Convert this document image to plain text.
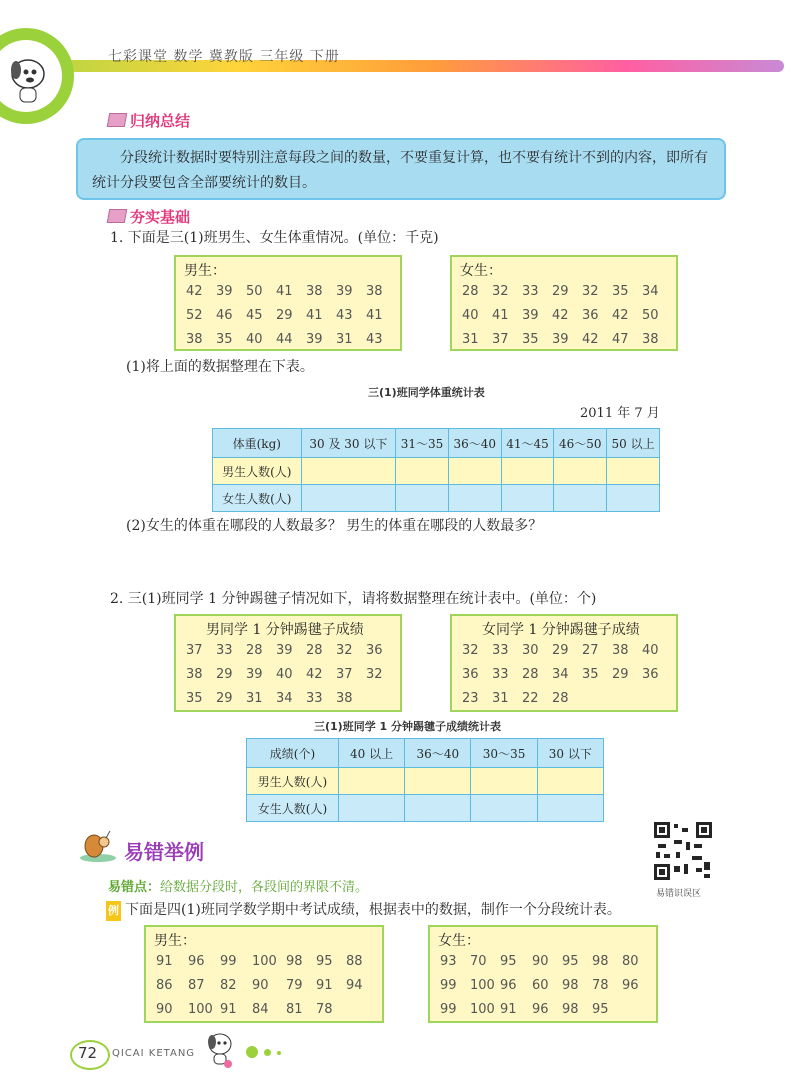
七彩课堂 数学 冀教版 三年级 下册
归纳总结

分段统计数据时要特别注意每段之间的数量，不要重复计算，也不要有统计不到的内容，即所有统计分段要包含全部要统计的数目。

夯实基础
1. 下面是三(1)班男生、女生体重情况。(单位：千克)
男生：
42	39	50	41	38	39	38
52	46	45	29	41	43	41
38	35	40	44	39	31	43
女生：
28	32	33	29	32	35	34
40	41	39	42	36	42	50
31	37	35	39	42	47	38
(1)将上面的数据整理在下表。
三(1)班同学体重统计表
2011 年 7 月
体重(kg)	30 及 30 以下	31～35	36～40	41～45	46～50	50 以上
男生人数(人)						
女生人数(人)						
(2)女生的体重在哪段的人数最多？ 男生的体重在哪段的人数最多？
2. 三(1)班同学 1 分钟踢毽子情况如下，请将数据整理在统计表中。(单位：个)
男同学 1 分钟踢毽子成绩
37	33	28	39	28	32	36
38	29	39	40	42	37	32
35	29	31	34	33	38	
女同学 1 分钟踢毽子成绩
32	33	30	29	27	38	40
36	33	28	34	35	29	36
23	31	22	28			
三(1)班同学 1 分钟踢毽子成绩统计表
成绩(个)	40 以上	36～40	30～35	30 以下
男生人数(人)				
女生人数(人)				
易错举例
易错识误区
易错点：给数据分段时，各段间的界限不清。
例 下面是四(1)班同学数学期中考试成绩，根据表中的数据，制作一个分段统计表。
男生：
91	96	99	100	98	95	88
86	87	82	90	79	91	94
90	100	91	84	81	78	
女生：
93	70	95	90	95	98	80
99	100	96	60	98	78	96
99	100	91	96	98	95	
72 QICAI KETANG
